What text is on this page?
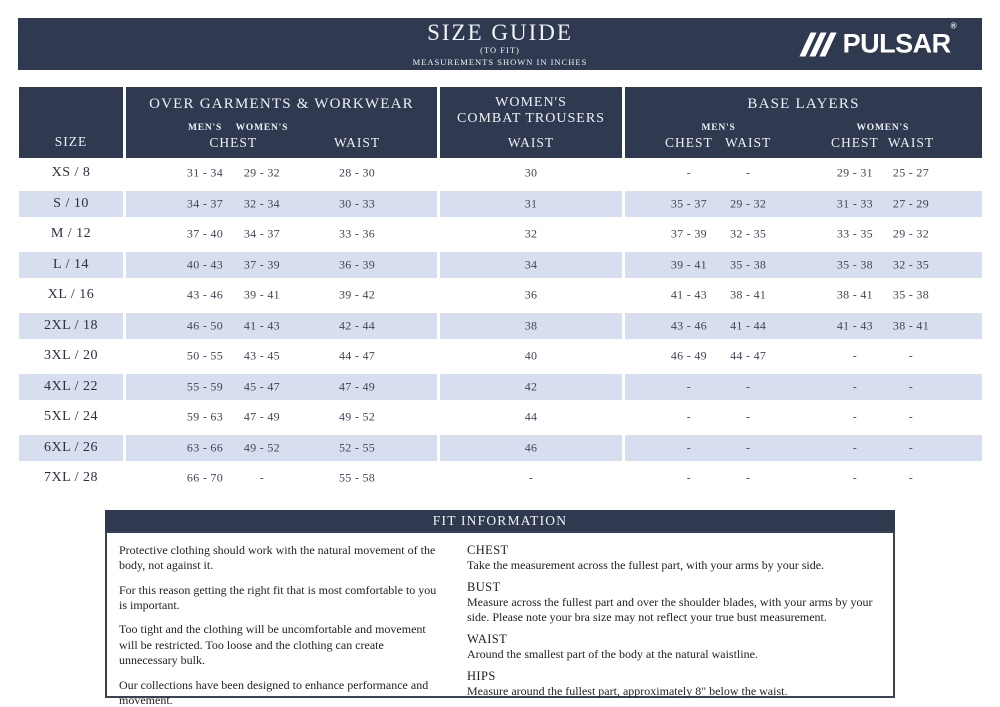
SIZE GUIDE
(TO FIT)
MEASUREMENTS SHOWN IN INCHES
PULSAR®
SIZE
OVER GARMENTS & WORKWEAR
MEN'S WOMEN'S
CHEST	WAIST
WOMEN'S
COMBAT TROUSERS
WAIST
BASE LAYERS
MEN'S	WOMEN'S
CHEST WAIST	CHEST WAIST
XS / 8	31 - 34 29 - 32	28 - 30	30	-	-	29 - 31 25 - 27
S / 10	34 - 37 32 - 34	30 - 33	31	35 - 37 29 - 32	31 - 33 27 - 29
M / 12	37 - 40 34 - 37	33 - 36	32	37 - 39 32 - 35	33 - 35 29 - 32
L / 14	40 - 43 37 - 39	36 - 39	34	39 - 41 35 - 38	35 - 38 32 - 35
XL / 16	43 - 46 39 - 41	39 - 42	36	41 - 43 38 - 41	38 - 41 35 - 38
2XL / 18	46 - 50 41 - 43	42 - 44	38	43 - 46 41 - 44	41 - 43 38 - 41
3XL / 20	50 - 55 43 - 45	44 - 47	40	46 - 49 44 - 47	-	-
4XL / 22	55 - 59 45 - 47	47 - 49	42	-	-	-	-
5XL / 24	59 - 63 47 - 49	49 - 52	44	-	-	-	-
6XL / 26	63 - 66 49 - 52	52 - 55	46	-	-	-	-
7XL / 28	66 - 70	-	55 - 58	-	-	-	-	-
FIT INFORMATION

Protective clothing should work with the natural movement of the body, not against it.

For this reason getting the right fit that is most comfortable to you is important.

Too tight and the clothing will be uncomfortable and movement will be restricted. Too loose and the clothing can create unnecessary bulk.

Our collections have been designed to enhance performance and movement.

CHEST
Take the measurement across the fullest part, with your arms by your side.
BUST
Measure across the fullest part and over the shoulder blades, with your arms by your side. Please note your bra size may not reflect your true bust measurement.
WAIST
Around the smallest part of the body at the natural waistline.
HIPS
Measure around the fullest part, approximately 8" below the waist.
